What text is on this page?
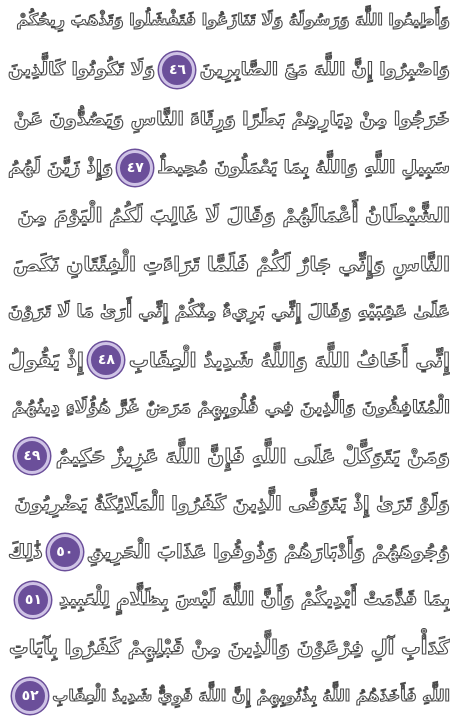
وَأَطِيعُوا اللَّهَ وَرَسُولَهُ وَلَا تَنَازَعُوا فَتَفْشَلُوا وَتَذْهَبَ رِيحُكُمْ
وَاصْبِرُوا إِنَّ اللَّهَ مَعَ الصَّابِرِينَ
٤٦
وَلَا تَكُونُوا كَالَّذِينَ
خَرَجُوا مِنْ دِيَارِهِمْ بَطَرًا وَرِئَاءَ النَّاسِ وَيَصُدُّونَ عَنْ
سَبِيلِ اللَّهِ وَاللَّهُ بِمَا يَعْمَلُونَ مُحِيطٌ
٤٧
وَإِذْ زَيَّنَ لَهُمُ
الشَّيْطَانُ أَعْمَالَهُمْ وَقَالَ لَا غَالِبَ لَكُمُ الْيَوْمَ مِنَ
النَّاسِ وَإِنِّي جَارٌ لَكُمْ فَلَمَّا تَرَاءَتِ الْفِئَتَانِ نَكَصَ
عَلَىٰ عَقِبَيْهِ وَقَالَ إِنِّي بَرِيءٌ مِنْكُمْ إِنِّي أَرَىٰ مَا لَا تَرَوْنَ
إِنِّي أَخَافُ اللَّهَ وَاللَّهُ شَدِيدُ الْعِقَابِ
٤٨
إِذْ يَقُولُ
الْمُنَافِقُونَ وَالَّذِينَ فِي قُلُوبِهِمْ مَرَضٌ غَرَّ هَٰؤُلَاءِ دِينُهُمْ
وَمَنْ يَتَوَكَّلْ عَلَى اللَّهِ فَإِنَّ اللَّهَ عَزِيزٌ حَكِيمٌ
٤٩
وَلَوْ تَرَىٰ إِذْ يَتَوَفَّى الَّذِينَ كَفَرُوا الْمَلَائِكَةُ يَضْرِبُونَ
وُجُوهَهُمْ وَأَدْبَارَهُمْ وَذُوقُوا عَذَابَ الْحَرِيقِ
٥٠
ذَٰلِكَ
بِمَا قَدَّمَتْ أَيْدِيكُمْ وَأَنَّ اللَّهَ لَيْسَ بِظَلَّامٍ لِلْعَبِيدِ
٥١
كَدَأْبِ آلِ فِرْعَوْنَ وَالَّذِينَ مِنْ قَبْلِهِمْ كَفَرُوا بِآيَاتِ
اللَّهِ فَأَخَذَهُمُ اللَّهُ بِذُنُوبِهِمْ إِنَّ اللَّهَ قَوِيٌّ شَدِيدُ الْعِقَابِ
٥٢
